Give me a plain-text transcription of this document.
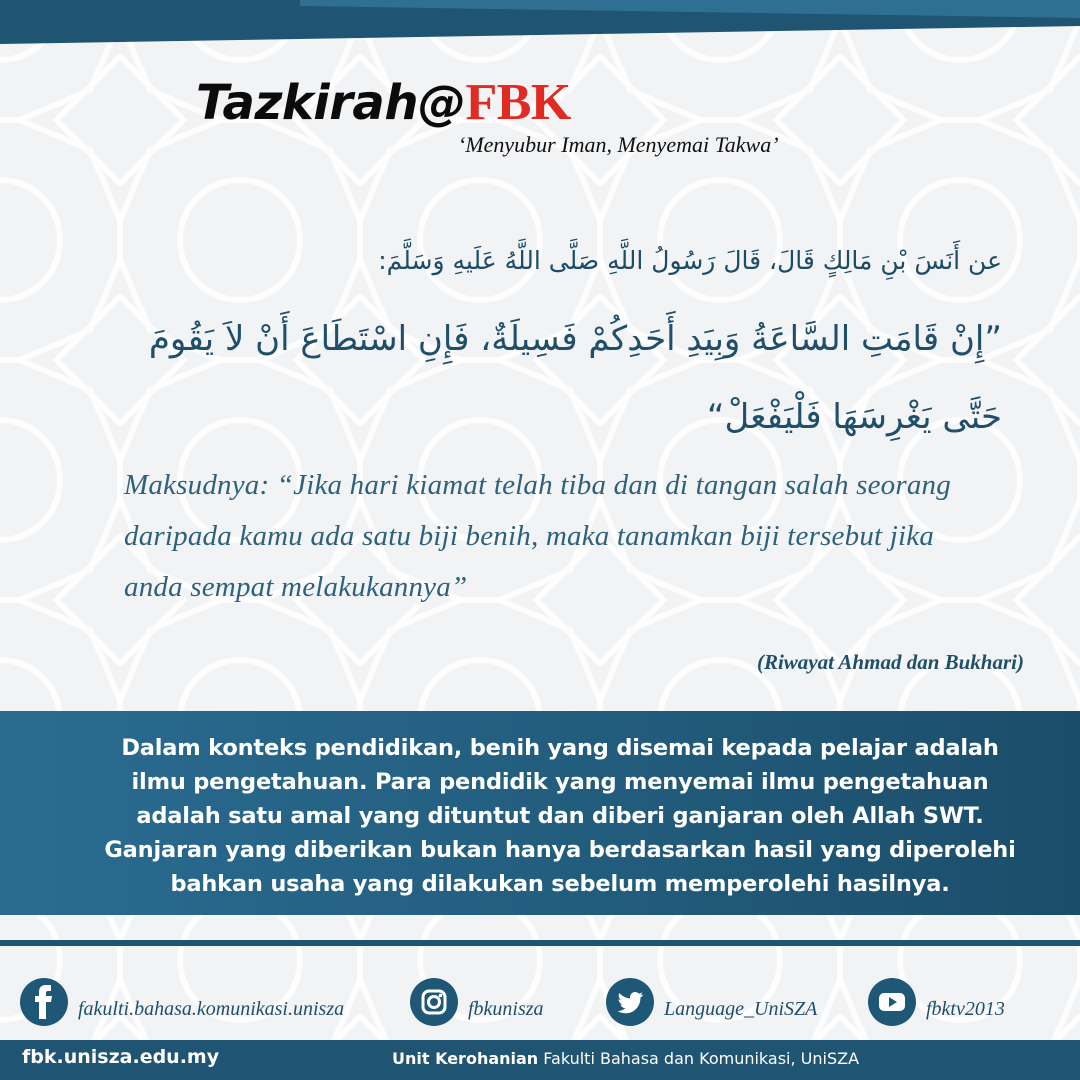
Tazkirah@FBK
‘Menyubur Iman, Menyemai Takwa’
عن أَنَسَ بْنِ مَالِكٍ قَالَ، قَالَ رَسُولُ اللَّهِ صَلَّى اللَّهُ عَلَيهِ وَسَلَّمَ:
”إِنْ قَامَتِ السَّاعَةُ وَبِيَدِ أَحَدِكُمْ فَسِيلَةٌ، فَإِنِ اسْتَطَاعَ أَنْ لاَ يَقُومَ حَتَّى يَغْرِسَهَا فَلْيَفْعَلْ“
Maksudnya: “Jika hari kiamat telah tiba dan di tangan salah seorang daripada kamu ada satu biji benih, maka tanamkan biji tersebut jika anda sempat melakukannya”
(Riwayat Ahmad dan Bukhari)

Dalam konteks pendidikan, benih yang disemai kepada pelajar adalah

ilmu pengetahuan. Para pendidik yang menyemai ilmu pengetahuan

adalah satu amal yang dituntut dan diberi ganjaran oleh Allah SWT.

Ganjaran yang diberikan bukan hanya berdasarkan hasil yang diperolehi

bahkan usaha yang dilakukan sebelum memperolehi hasilnya.

fakulti.bahasa.komunikasi.unisza	fbkunisza	Language_UniSZA	fbktv2013
fbk.unisza.edu.my	Unit Kerohanian Fakulti Bahasa dan Komunikasi, UniSZA
